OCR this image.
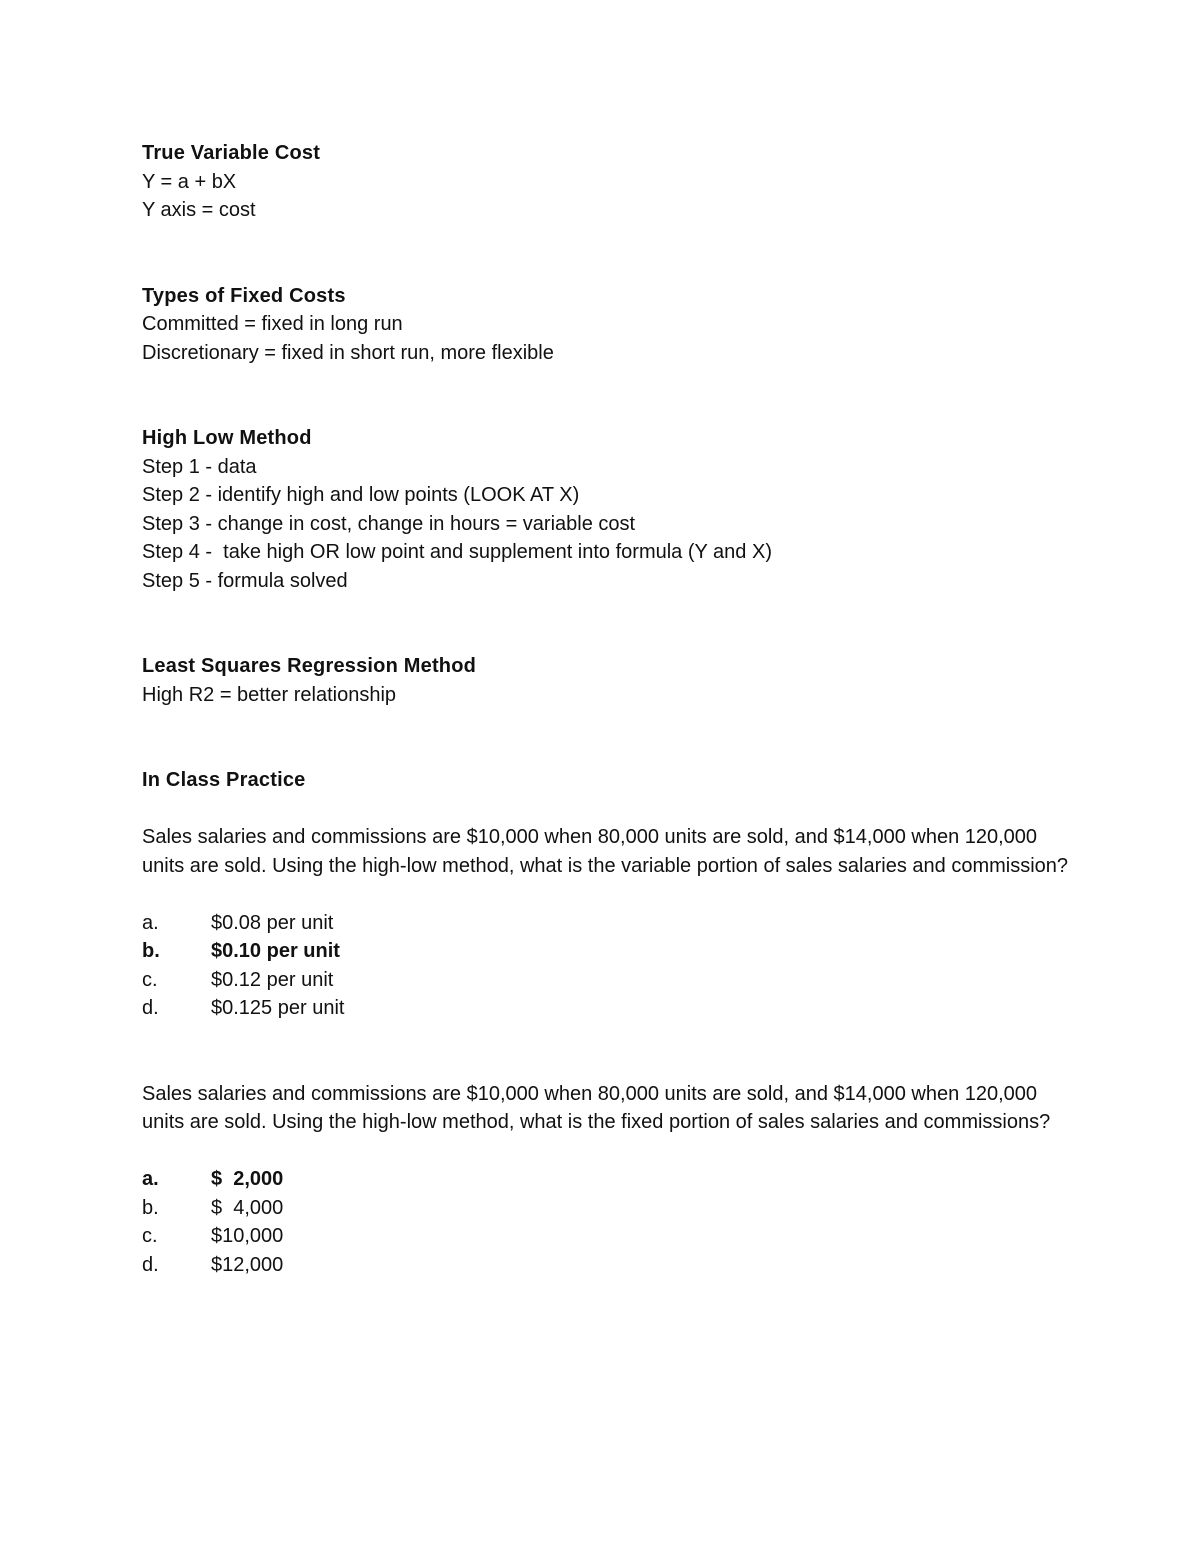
True Variable Cost
Y = a + bX
Y axis = cost
Types of Fixed Costs
Committed = fixed in long run
Discretionary = fixed in short run, more flexible
High Low Method
Step 1 - data
Step 2 - identify high and low points (LOOK AT X)
Step 3 - change in cost, change in hours = variable cost
Step 4 -  take high OR low point and supplement into formula (Y and X)
Step 5 - formula solved
Least Squares Regression Method
High R2 = better relationship
In Class Practice
Sales salaries and commissions are $10,000 when 80,000 units are sold, and $14,000 when 120,000 units are sold. Using the high-low method, what is the variable portion of sales salaries and commission?
a.	$0.08 per unit
b.	$0.10 per unit
c.	$0.12 per unit
d.	$0.125 per unit
Sales salaries and commissions are $10,000 when 80,000 units are sold, and $14,000 when 120,000 units are sold. Using the high-low method, what is the fixed portion of sales salaries and commissions?
a.	$  2,000
b.	$  4,000
c.	$10,000
d.	$12,000
